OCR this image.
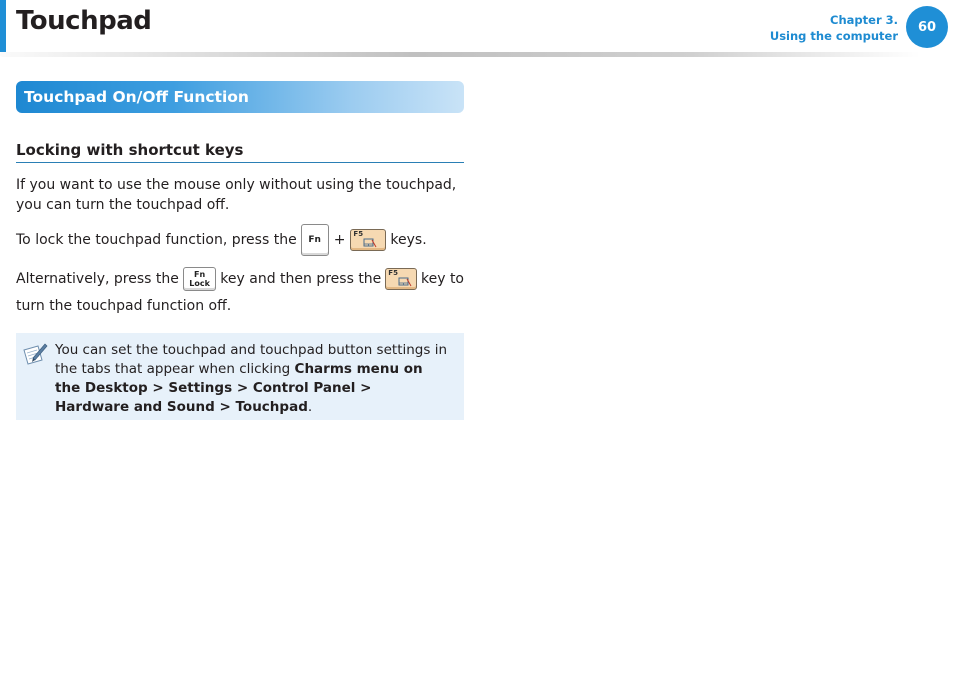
Touchpad	Chapter 3.
Using the computer
60
Touchpad On/Off Function
Locking with shortcut keys
If you want to use the mouse only without using the touchpad, you can turn the touchpad off.
To lock the touchpad function, press the	Fn + F5 keys.
Alternatively, press the Fn
Lock key and then press the F5 key to
turn the touchpad function off.
You can set the touchpad and touchpad button settings in the tabs that appear when clicking Charms menu on the Desktop > Settings > Control Panel > Hardware and Sound > Touchpad.
